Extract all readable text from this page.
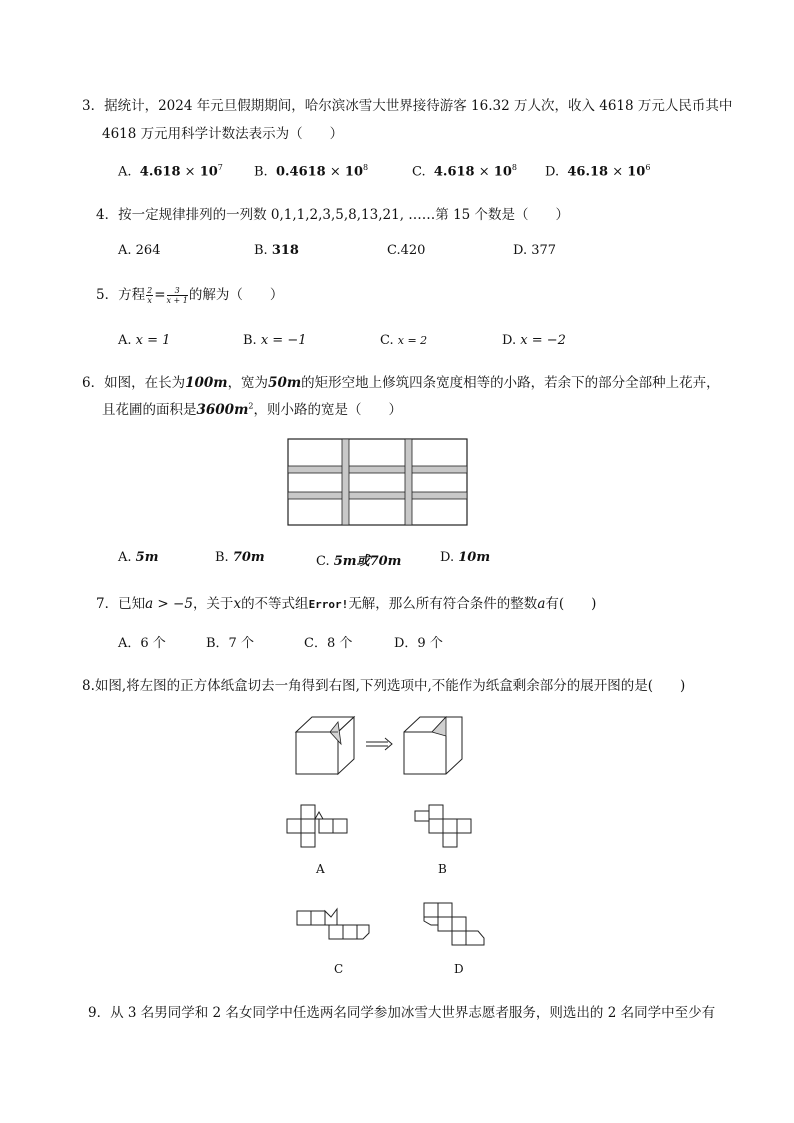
3．据统计，2024 年元旦假期期间，哈尔滨冰雪大世界接待游客 16.32 万人次，收入 4618 万元人民币其中
4618 万元用科学计数法表示为（　　）
A. $4.618 \times 10^7$ B. $0.4618 \times 10^8$	C. $4.618 \times 10^8$ D. $46.18 \times 10^6$
4．按一定规律排列的一列数 0,1,1,2,3,5,8,13,21, ……第 15 个数是（　　）
A. 264	B. 318	C.420	D. 377
5．方程 $\frac{2}{x} = \frac{3}{x + 1}$ 的解为（　　）
A. x = 1	B. x = −1	C. x = 2	D. x = −2
6．如图，在长为100m，宽为50m的矩形空地上修筑四条宽度相等的小路，若余下的部分全部种上花卉，
且花圃的面积是$3600m^2$，则小路的宽是（　　）
A. 5m	B. 70m	C. 5m或70m	D. 10m
7．已知a > −5，关于x的不等式组Error!无解，那么所有符合条件的整数a有(　　)
A．6 个	B．7 个	C．8 个	D．9 个
8.如图,将左图的正方体纸盒切去一角得到右图,下列选项中,不能作为纸盒剩余部分的展开图的是(　　)
A	B
C	D
9．从 3 名男同学和 2 名女同学中任选两名同学参加冰雪大世界志愿者服务，则选出的 2 名同学中至少有
